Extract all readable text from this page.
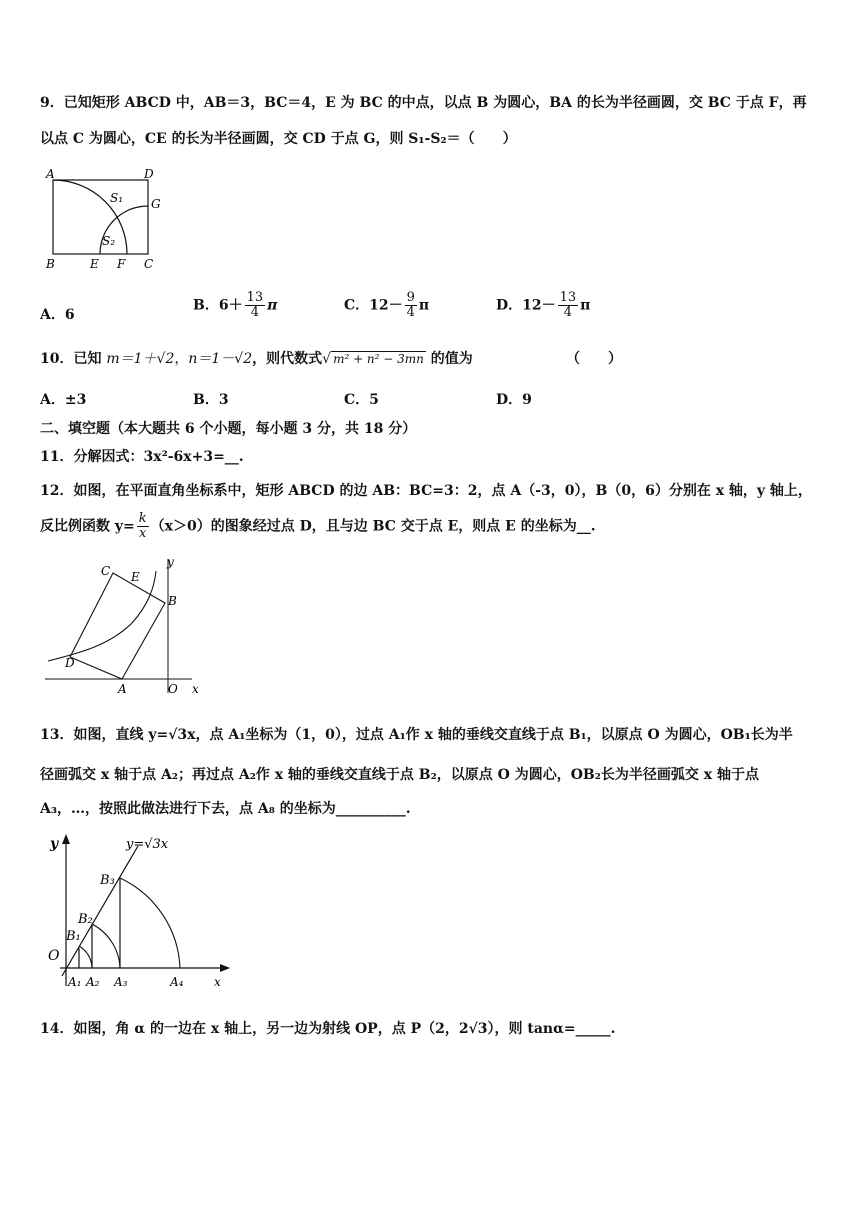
9．已知矩形 ABCD 中，AB＝3，BC＝4，E 为 BC 的中点，以点 B 为圆心，BA 的长为半径画圆，交 BC 于点 F，再
以点 C 为圆心，CE 的长为半径画圆，交 CD 于点 G，则 S₁-S₂＝（　　）
A	D
G
S₁
S₂
B	E F C
A．6
B．$6+ \frac{13}{4}$ π	C．$12- \frac{9}{4}$ π	D．$12- \frac{13}{4}$ π
10．已知 m＝1＋√2，n＝1－√2，则代数式√ m² + n² − 3mn 的值为	（　　）
A．±3	B．3	C．5	D．9
二、填空题（本大题共 6 个小题，每小题 3 分，共 18 分）
11．分解因式：3x²-6x+3=__.
12．如图，在平面直角坐标系中，矩形 ABCD 的边 AB：BC=3：2，点 A（-3，0），B（0，6）分别在 x 轴，y 轴上，
反比例函数 $y= \frac{k}{x} (x>0)$的图象经过点 D，且与边 BC 交于点 E，则点 E 的坐标为__.
C E
y
B
D
A	O x
13．如图，直线 y=√3x，点 A₁坐标为（1，0），过点 A₁作 x 轴的垂线交直线于点 B₁，以原点 O 为圆心，OB₁长为半
径画弧交 x 轴于点 A₂；再过点 A₂作 x 轴的垂线交直线于点 B₂，以原点 O 为圆心，OB₂长为半径画弧交 x 轴于点
A₃，…，按照此做法进行下去，点 A₈ 的坐标为__________.
y	y=√3x
B₃
B₂
B₁
O
A₁ A₂ A₃	A₄	x
14．如图，角 α 的一边在 x 轴上，另一边为射线 OP，点 P（2，2√3），则 tanα=_____.
